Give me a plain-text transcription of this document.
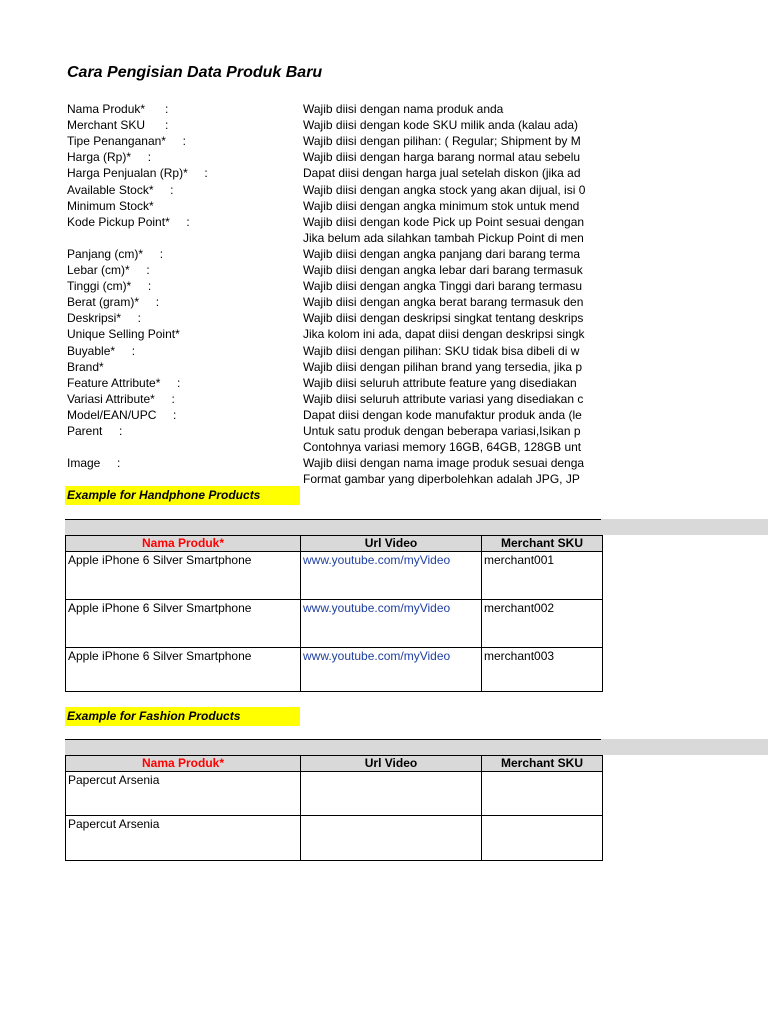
Cara Pengisian Data Produk Baru
Nama Produk*      :	Wajib diisi dengan nama produk anda
Merchant SKU      :	Wajib diisi dengan kode SKU milik anda (kalau ada)
Tipe Penanganan*     :	Wajib diisi dengan pilihan: ( Regular; Shipment by M
Harga (Rp)*     :	Wajib diisi dengan harga barang normal atau sebelu
Harga Penjualan (Rp)*     :	Dapat diisi dengan harga jual setelah diskon (jika ad
Available Stock*     :	Wajib diisi dengan angka stock yang akan dijual, isi 0
Minimum Stock*	Wajib diisi dengan angka minimum stok untuk mend
Kode Pickup Point*     :	Wajib diisi dengan kode Pick up Point sesuai dengan
Jika belum ada silahkan tambah Pickup Point di men
Panjang (cm)*     :	Wajib diisi dengan angka panjang dari barang terma
Lebar (cm)*     :	Wajib diisi dengan angka lebar dari barang termasuk
Tinggi (cm)*     :	Wajib diisi dengan angka Tinggi dari barang termasu
Berat (gram)*     :	Wajib diisi dengan angka berat barang termasuk den
Deskripsi*     :	Wajib diisi dengan deskripsi singkat tentang deskrips
Unique Selling Point*	Jika kolom ini ada, dapat diisi dengan deskripsi singk
Buyable*     :	Wajib diisi dengan pilihan: SKU tidak bisa dibeli di w
Brand*	Wajib diisi dengan pilihan brand yang tersedia, jika p
Feature Attribute*     :	Wajib diisi seluruh attribute feature yang disediakan
Variasi Attribute*     :	Wajib diisi seluruh attribute variasi yang disediakan c
Model/EAN/UPC     :	Dapat diisi dengan kode manufaktur produk anda (le
Parent     :	Untuk satu produk dengan beberapa variasi,Isikan p
Contohnya variasi memory 16GB, 64GB, 128GB unt
Image     :	Wajib diisi dengan nama image produk sesuai denga
Format gambar yang diperbolehkan adalah JPG, JP
Example for Handphone Products
Nama Produk*	Url Video	Merchant SKU
Apple iPhone 6 Silver Smartphone	www.youtube.com/myVideo	merchant001
Apple iPhone 6 Silver Smartphone	www.youtube.com/myVideo	merchant002
Apple iPhone 6 Silver Smartphone	www.youtube.com/myVideo	merchant003
Example for Fashion Products
Nama Produk*	Url Video	Merchant SKU
Papercut Arsenia		
Papercut Arsenia		
